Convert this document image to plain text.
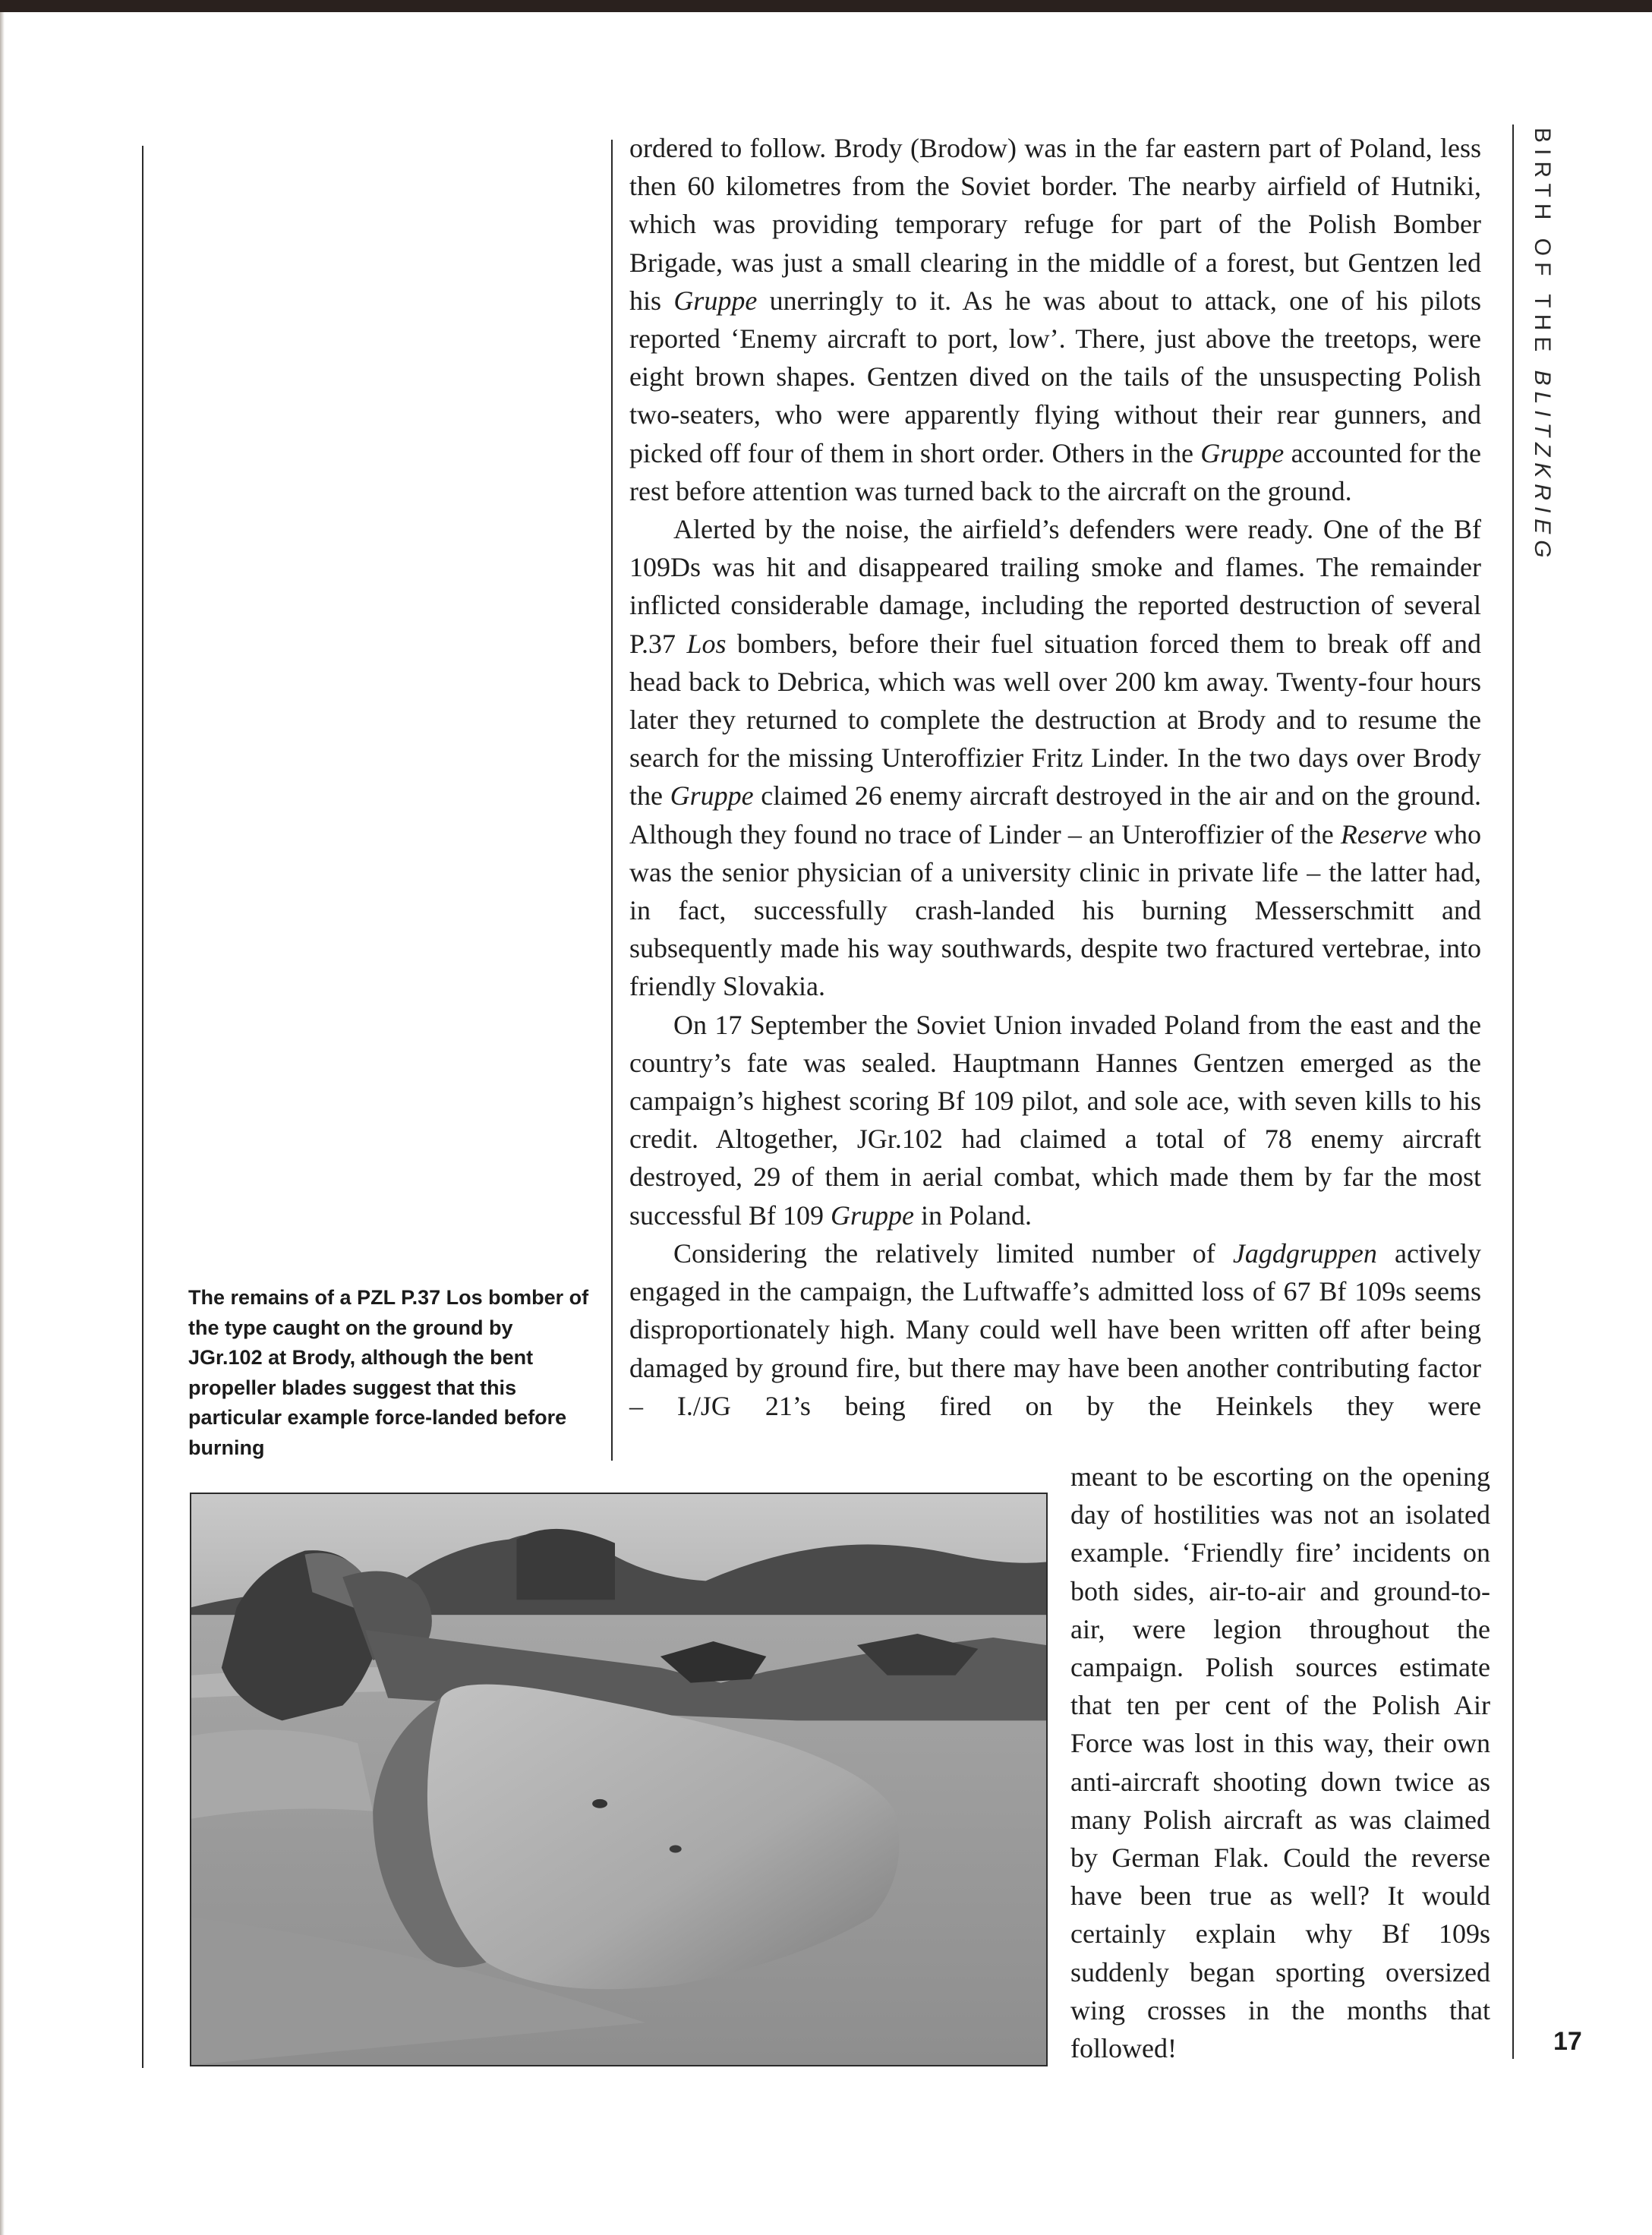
BIRTH OF THE BLITZKRIEG
17

ordered to follow. Brody (Brodow) was in the far eastern part of Poland, less then 60 kilometres from the Soviet border. The nearby airfield of Hutniki, which was providing temporary refuge for part of the Polish Bomber Brigade, was just a small clearing in the middle of a forest, but Gentzen led his Gruppe unerringly to it. As he was about to attack, one of his pilots reported ‘Enemy aircraft to port, low’. There, just above the treetops, were eight brown shapes. Gentzen dived on the tails of the unsuspecting Polish two-seaters, who were apparently flying without their rear gunners, and picked off four of them in short order. Others in the Gruppe accounted for the rest before attention was turned back to the aircraft on the ground.

Alerted by the noise, the airfield’s defenders were ready. One of the Bf 109Ds was hit and disappeared trailing smoke and flames. The remainder inflicted considerable damage, including the reported destruction of several P.37 Los bombers, before their fuel situation forced them to break off and head back to Debrica, which was well over 200 km away. Twenty-four hours later they returned to complete the destruction at Brody and to resume the search for the missing Unteroffizier Fritz Linder. In the two days over Brody the Gruppe claimed 26 enemy aircraft destroyed in the air and on the ground. Although they found no trace of Linder – an Unteroffizier of the Reserve who was the senior physician of a university clinic in private life – the latter had, in fact, successfully crash-landed his burning Messerschmitt and subsequently made his way southwards, despite two fractured vertebrae, into friendly Slovakia.

On 17 September the Soviet Union invaded Poland from the east and the country’s fate was sealed. Hauptmann Hannes Gentzen emerged as the campaign’s highest scoring Bf 109 pilot, and sole ace, with seven kills to his credit. Altogether, JGr.102 had claimed a total of 78 enemy aircraft destroyed, 29 of them in aerial combat, which made them by far the most successful Bf 109 Gruppe in Poland.

Considering the relatively limited number of Jagdgruppen actively engaged in the campaign, the Luftwaffe’s admitted loss of 67 Bf 109s seems disproportionately high. Many could well have been written off after being damaged by ground fire, but there may have been another contributing factor – I./JG 21’s being fired on by the Heinkels they were

meant to be escorting on the opening day of hostilities was not an isolated example. ‘Friendly fire’ incidents on both sides, air-to-air and ground-to-air, were legion throughout the campaign. Polish sources estimate that ten per cent of the Polish Air Force was lost in this way, their own anti-aircraft shooting down twice as many Polish aircraft as was claimed by German Flak. Could the reverse have been true as well? It would certainly explain why Bf 109s suddenly began sporting oversized wing crosses in the months that followed!

The remains of a PZL P.37 Los bomber of the type caught on the ground by JGr.102 at Brody, although the bent propeller blades suggest that this particular example force-landed before burning
